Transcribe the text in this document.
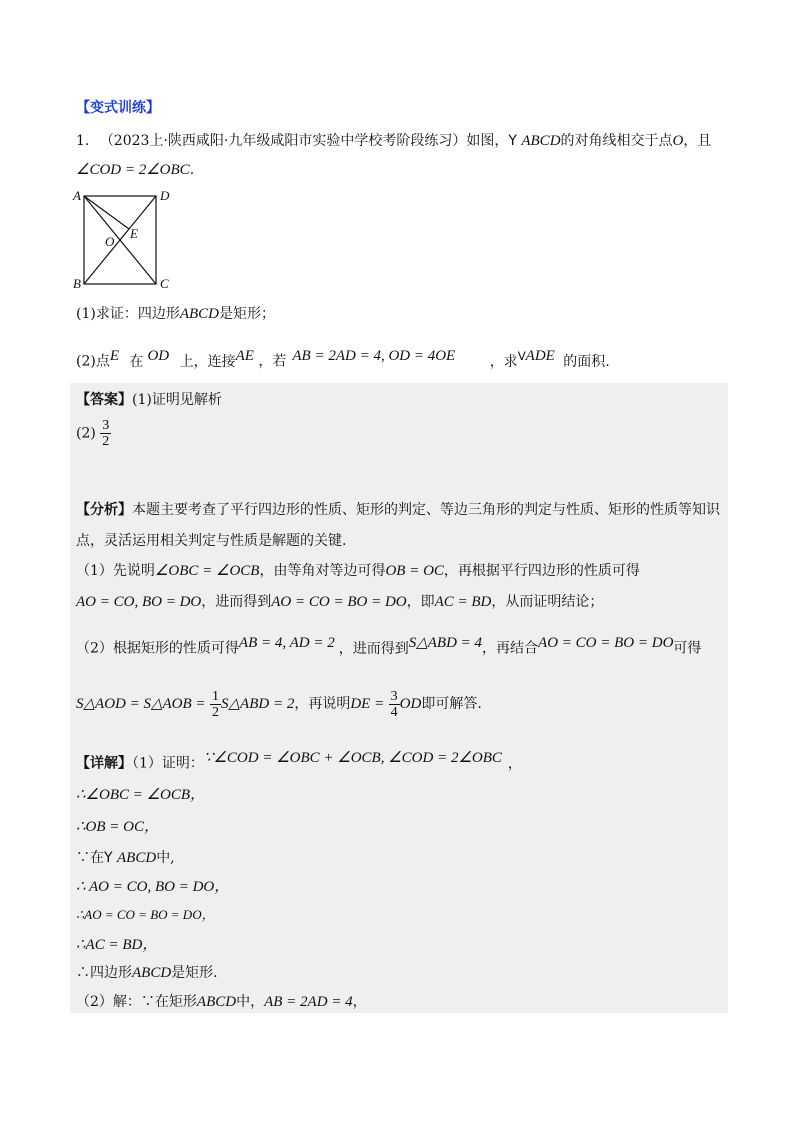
【变式训练】
1. （2023上·陕西咸阳·九年级咸阳市实验中学校考阶段练习）如图，Y ABCD的对角线相交于点O，且
∠COD = 2∠OBC.
A	D
B	C
O
E
(1)求证：四边形ABCD是矩形；
(2)点$^E$ 在 $^{OD}$ 上，连接$^{AE}$ ，若 $^{AB = 2AD = 4, OD = 4OE}$ ，求$^{VADE}$ 的面积.
【答案】(1)证明见解析
$(2) \frac{3}{2}$
【分析】本题主要考查了平行四边形的性质、矩形的判定、等边三角形的判定与性质、矩形的性质等知识
点，灵活运用相关判定与性质是解题的关键.
（1）先说明∠OBC = ∠OCB，由等角对等边可得OB = OC，再根据平行四边形的性质可得
AO = CO, BO = DO，进而得到AO = CO = BO = DO，即AC = BD，从而证明结论；
（2）根据矩形的性质可得$^{AB = 4, AD = 2}$ ，进而得到$^{S\triangle ABD = 4}$，再结合$^{AO = CO = BO = DO}$可得
S△AOD = S△AOB = $\frac{1}{2}$ S△ABD = 2，再说明DE = $\frac{3}{4}$ OD即可解答.
【详解】（1）证明：$^{\because\angle COD = \angle OBC + \angle OCB, \angle COD = 2\angle OBC}$ ，
∴∠OBC = ∠OCB，
∴OB = OC，
∵在Y ABCD中,
∴ AO = CO, BO = DO，
∴AO = CO = BO = DO，
∴AC = BD，
∴四边形ABCD是矩形.
（2）解：∵在矩形ABCD中，AB = 2AD = 4，
